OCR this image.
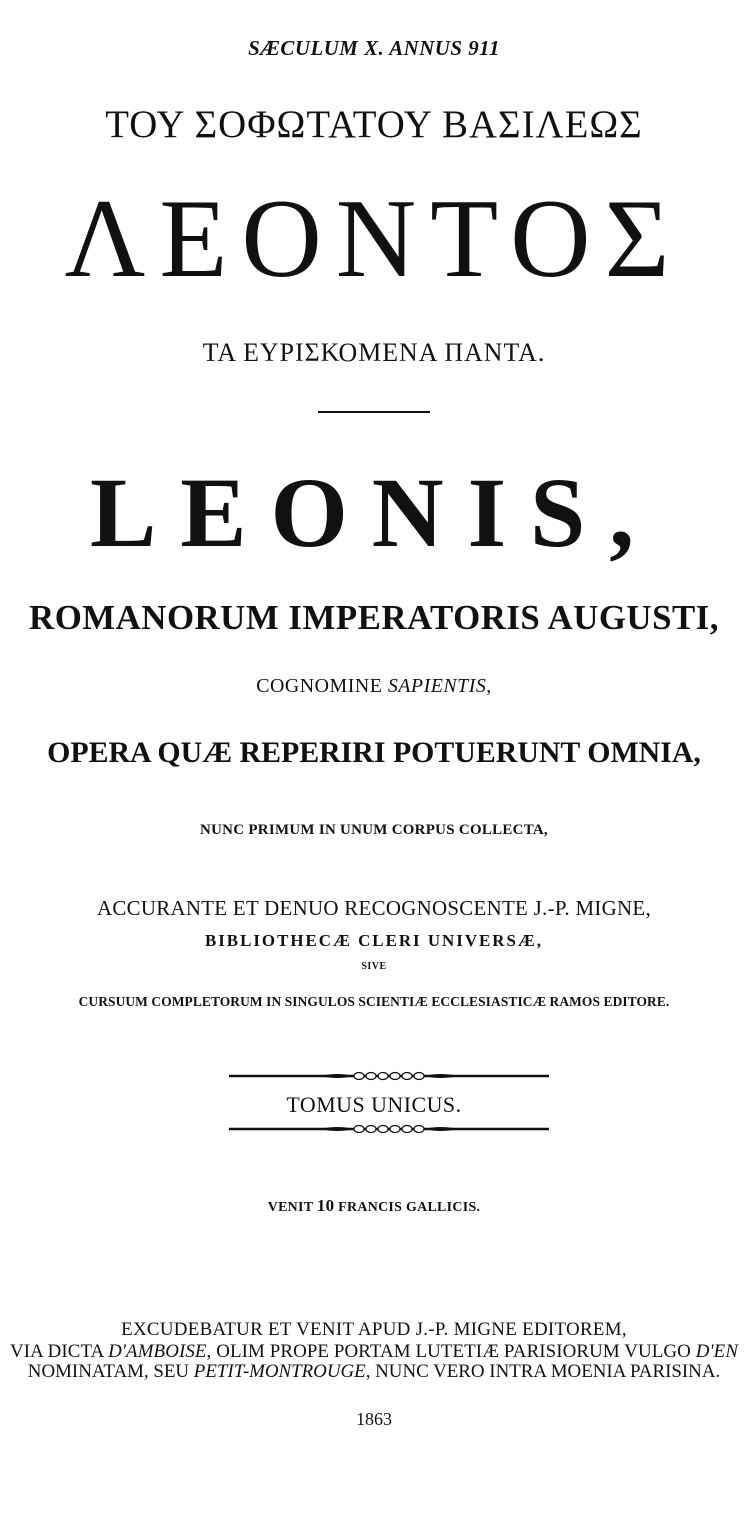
SÆCULUM X. ANNUS 911
ΤΟΥ ΣΟΦΩΤΑΤΟΥ ΒΑΣΙΛΕΩΣ
ΛΕΟΝΤΟΣ
ΤΑ ΕΥΡΙΣΚΟΜΕΝΑ ΠΑΝΤΑ.
LEONIS,
ROMANORUM IMPERATORIS AUGUSTI,
COGNOMINE SAPIENTIS,
OPERA QUÆ REPERIRI POTUERUNT OMNIA,
NUNC PRIMUM IN UNUM CORPUS COLLECTA,
ACCURANTE ET DENUO RECOGNOSCENTE J.-P. MIGNE,
BIBLIOTHECÆ CLERI UNIVERSÆ,
SIVE
CURSUUM COMPLETORUM IN SINGULOS SCIENTIÆ ECCLESIASTICÆ RAMOS EDITORE.
TOMUS UNICUS.
VENIT 10 FRANCIS GALLICIS.
EXCUDEBATUR ET VENIT APUD J.-P. MIGNE EDITOREM,
VIA DICTA D'AMBOISE, OLIM PROPE PORTAM LUTETIÆ PARISIORUM VULGO D'EN
NOMINATAM, SEU PETIT-MONTROUGE, NUNC VERO INTRA MOENIA PARISINA.
1863
